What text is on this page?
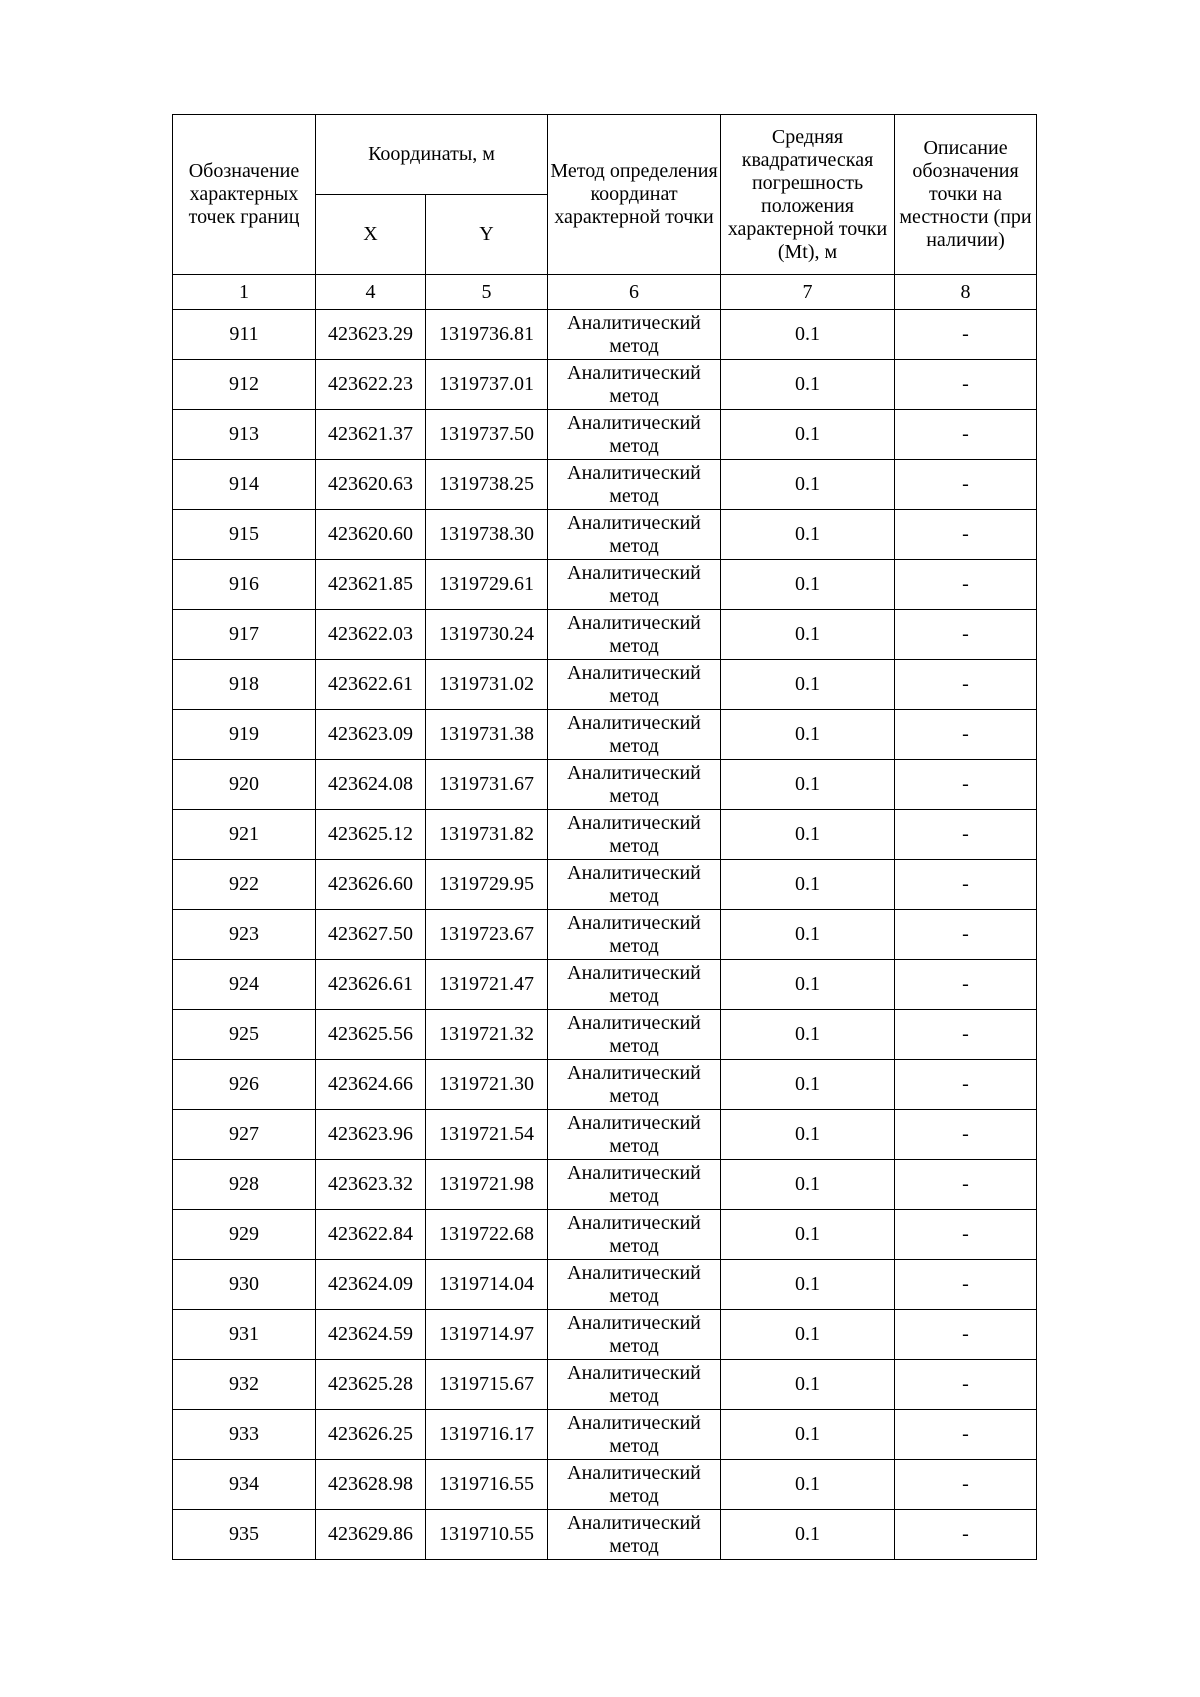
Обозначение характерных точек границ	Координаты, м		Метод определения координат характерной точки	Средняя квадратическая погрешность положения характерной точки (Mt), м	Описание обозначения точки на местности (при наличии)
	X	Y			
1	4	5	6	7	8
911	423623.29	1319736.81	Аналитический метод	0.1	-
912	423622.23	1319737.01	Аналитический метод	0.1	-
913	423621.37	1319737.50	Аналитический метод	0.1	-
914	423620.63	1319738.25	Аналитический метод	0.1	-
915	423620.60	1319738.30	Аналитический метод	0.1	-
916	423621.85	1319729.61	Аналитический метод	0.1	-
917	423622.03	1319730.24	Аналитический метод	0.1	-
918	423622.61	1319731.02	Аналитический метод	0.1	-
919	423623.09	1319731.38	Аналитический метод	0.1	-
920	423624.08	1319731.67	Аналитический метод	0.1	-
921	423625.12	1319731.82	Аналитический метод	0.1	-
922	423626.60	1319729.95	Аналитический метод	0.1	-
923	423627.50	1319723.67	Аналитический метод	0.1	-
924	423626.61	1319721.47	Аналитический метод	0.1	-
925	423625.56	1319721.32	Аналитический метод	0.1	-
926	423624.66	1319721.30	Аналитический метод	0.1	-
927	423623.96	1319721.54	Аналитический метод	0.1	-
928	423623.32	1319721.98	Аналитический метод	0.1	-
929	423622.84	1319722.68	Аналитический метод	0.1	-
930	423624.09	1319714.04	Аналитический метод	0.1	-
931	423624.59	1319714.97	Аналитический метод	0.1	-
932	423625.28	1319715.67	Аналитический метод	0.1	-
933	423626.25	1319716.17	Аналитический метод	0.1	-
934	423628.98	1319716.55	Аналитический метод	0.1	-
935	423629.86	1319710.55	Аналитический метод	0.1	-
